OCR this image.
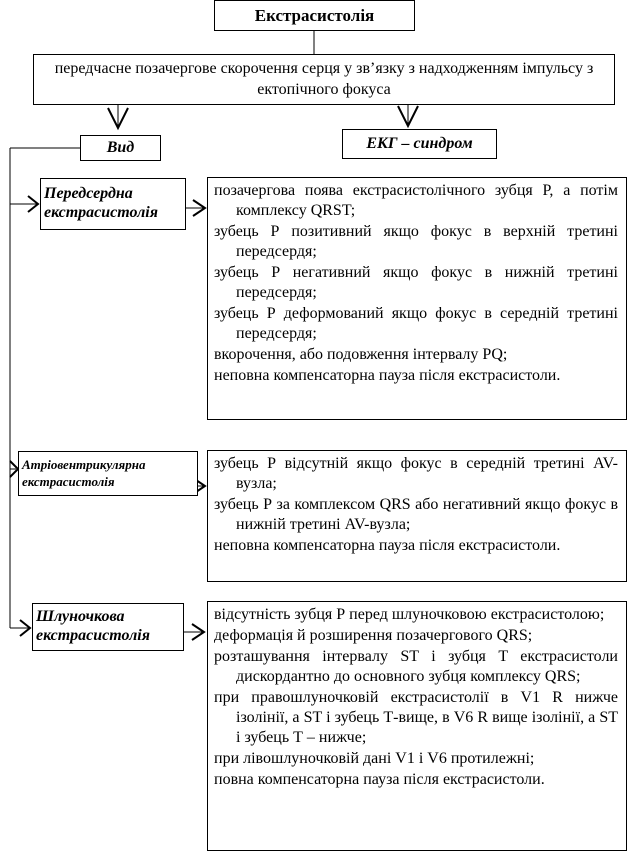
Екстрасистолія
передчасне позачергове скорочення серця у зв’язку з надходженням імпульсу з ектопічного фокуса
Вид	ЕКГ – синдром
Передсердна екстрасистолія
Атріовентрикулярна екстрасистолія
Шлуночкова екстрасистолія
позачергова поява екстрасистолічного зубця Р, а потім комплексу QRST;
зубець Р позитивний якщо фокус в верхній третині передсердя;
зубець Р негативний якщо фокус в нижній третині передсердя;
зубець Р деформований якщо фокус в середній третині передсердя;
вкорочення, або подовження інтервалу PQ;
неповна компенсаторна пауза після екстрасистоли.
зубець Р відсутній якщо фокус в середній третині AV-вузла;
зубець Р за комплексом QRS або негативний якщо фокус в нижній третині AV-вузла;
неповна компенсаторна пауза після екстрасистоли.
відсутність зубця Р перед шлуночковою екстрасистолою;
деформація й розширення позачергового QRS;
розташування інтервалу ST і зубця T екстрасистоли дискордантно до основного зубця комплексу QRS;
при правошлуночковій екстрасистолії в V1 R нижче ізолінії, а ST і зубець Т-вище, в V6 R вище ізолінії, а ST і зубець Т – нижче;
при лівошлуночковій дані V1 і V6 протилежні;
повна компенсаторна пауза після екстрасистоли.
